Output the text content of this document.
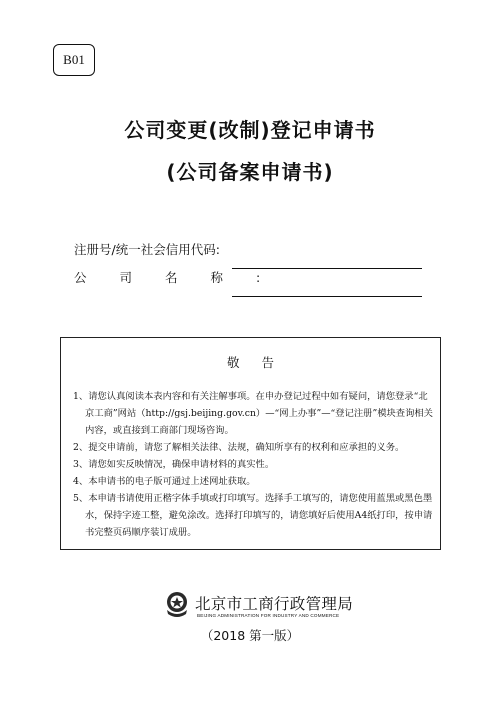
B01
公司变更(改制)登记申请书
(公司备案申请书)
注册号/统一社会信用代码:
公司名称:
敬告
1、请您认真阅读本表内容和有关注解事项。在申办登记过程中如有疑问，请您登录“北京工商”网站（http://gsj.beijing.gov.cn）—“网上办事”—“登记注册”模块查询相关内容，或直接到工商部门现场咨询。
2、提交申请前，请您了解相关法律、法规，确知所享有的权利和应承担的义务。
3、请您如实反映情况，确保申请材料的真实性。
4、本申请书的电子版可通过上述网址获取。
5、本申请书请使用正楷字体手填或打印填写。选择手工填写的，请您使用蓝黑或黑色墨水，保持字迹工整，避免涂改。选择打印填写的，请您填好后使用A4纸打印，按申请书完整页码顺序装订成册。
北京市工商行政管理局
BEIJING ADMINISTRATION FOR INDUSTRY AND COMMERCE
（2018 第一版）
